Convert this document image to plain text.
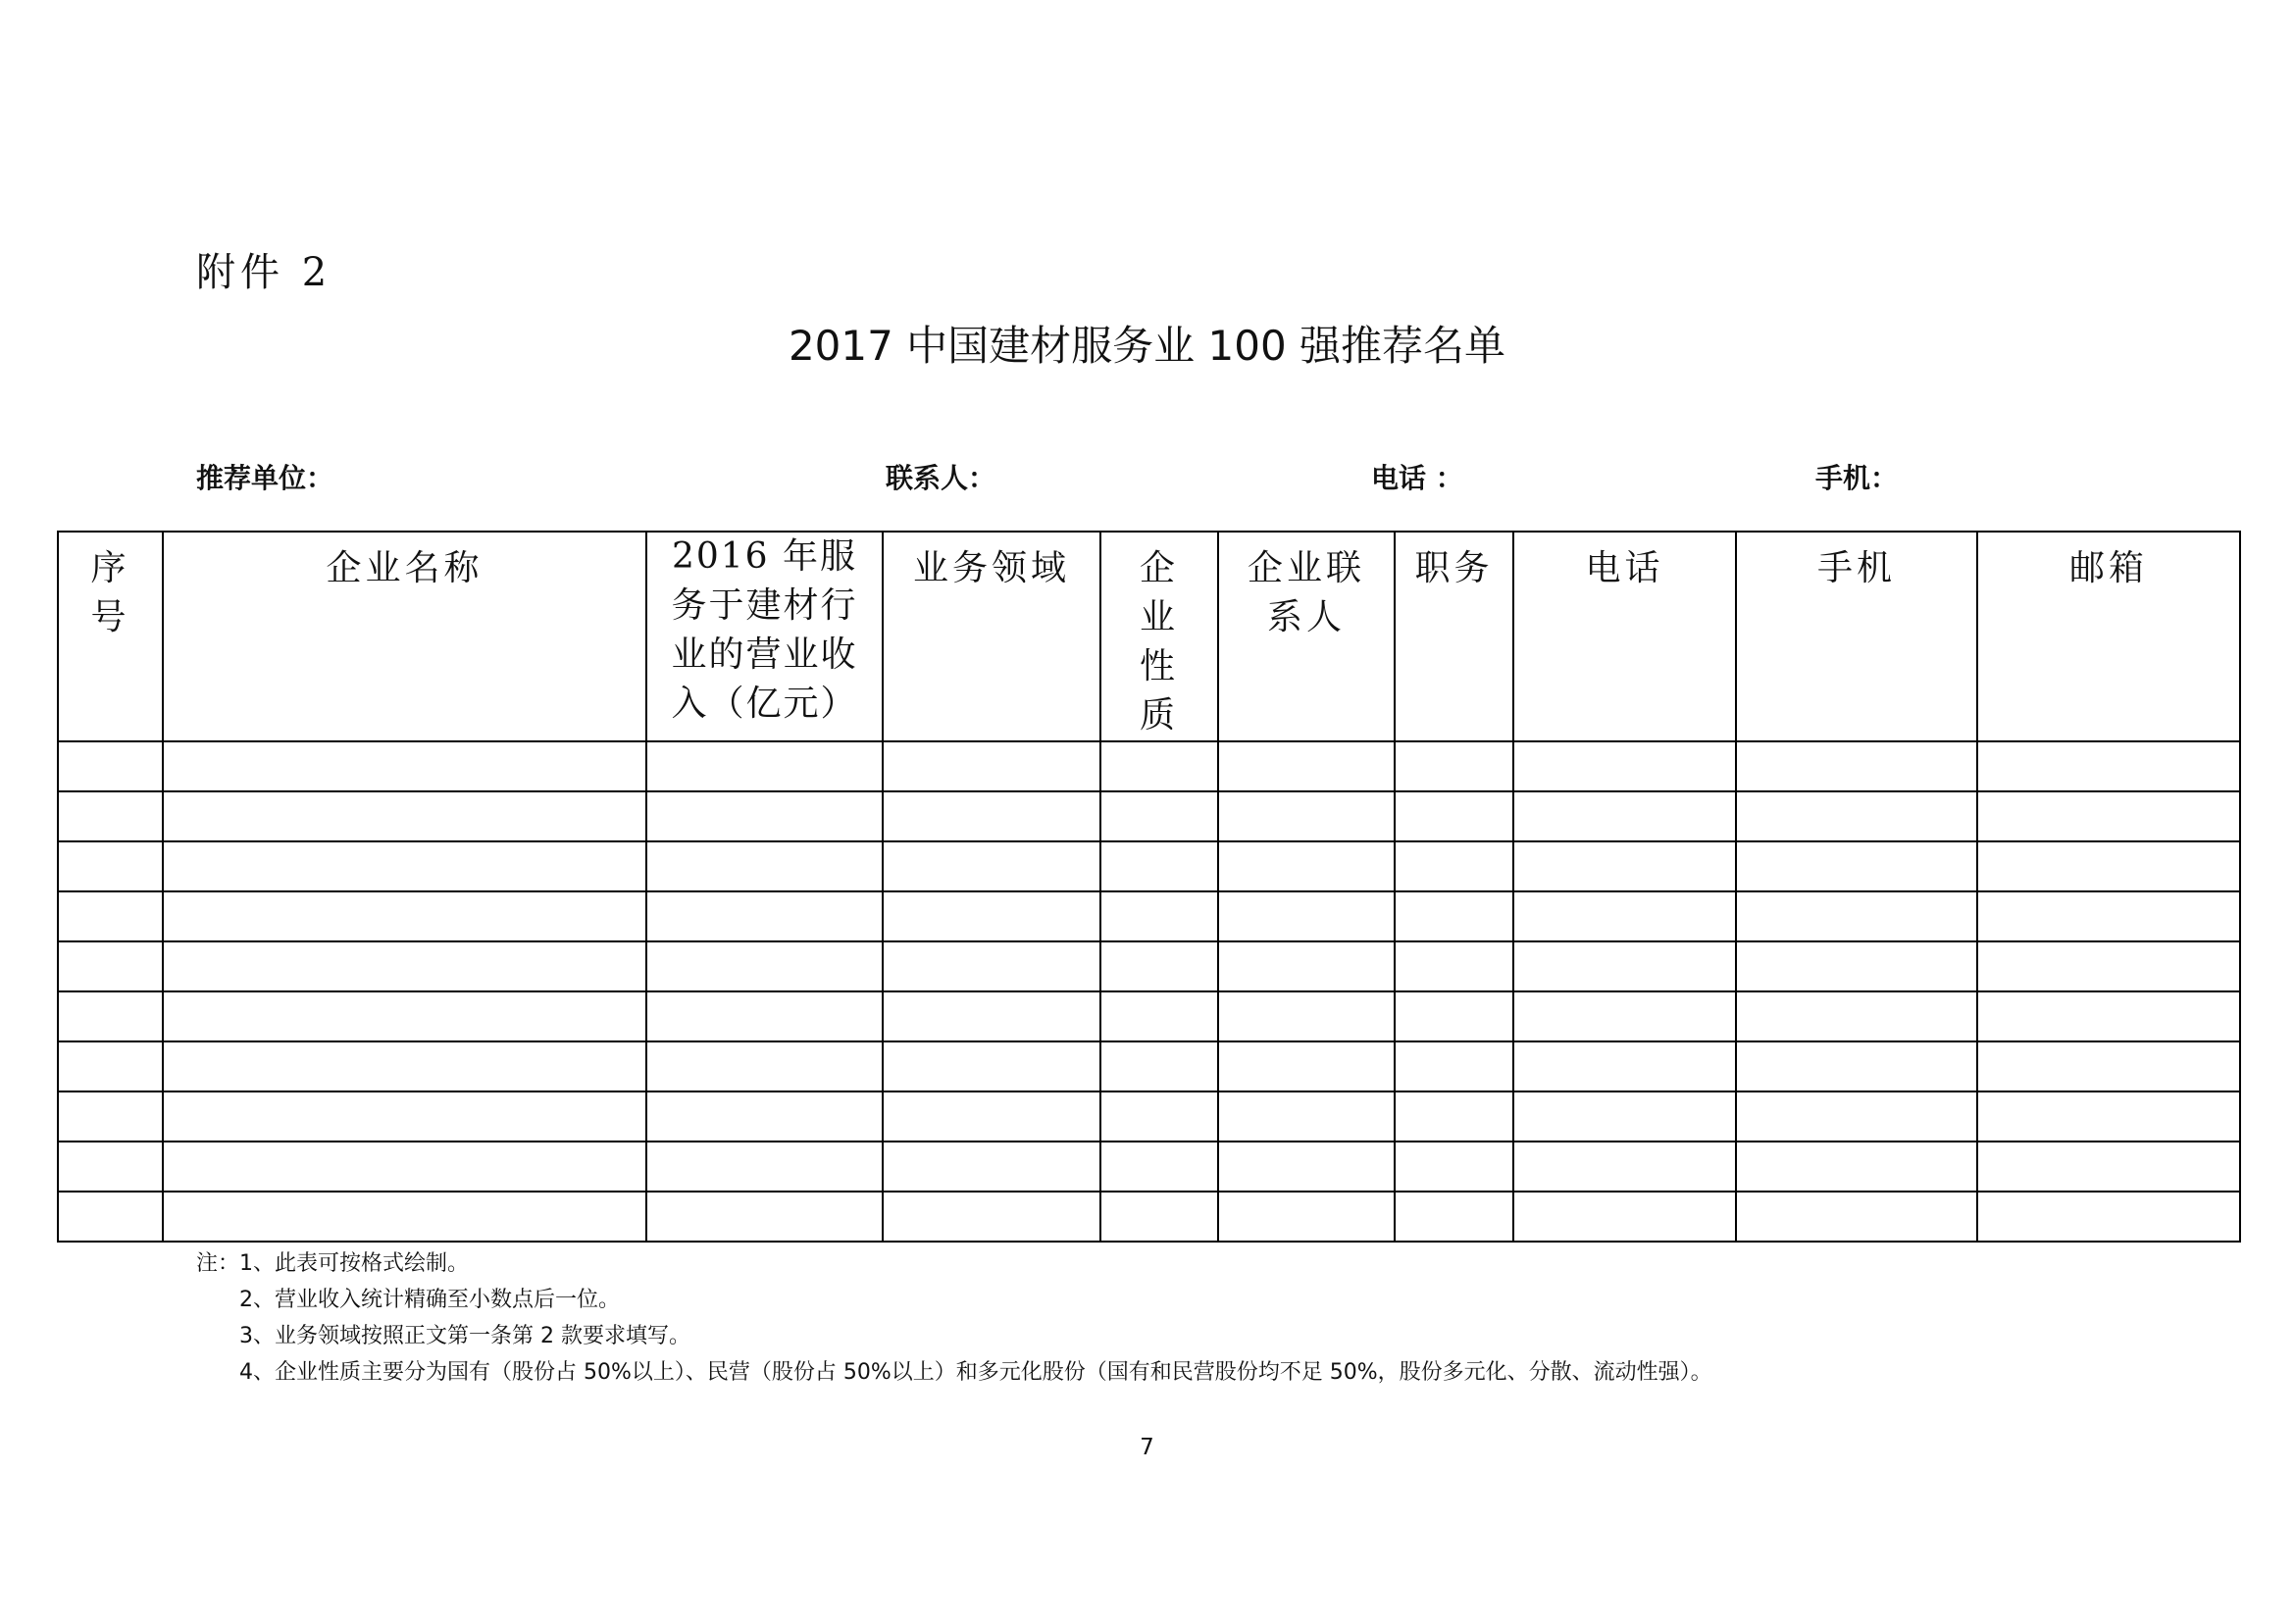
附件 2
2017 中国建材服务业 100 强推荐名单
推荐单位：	联系人：	电话 ：	手机：
序号	企业名称	2016 年服务于建材行业的营业收入（亿元）	业务领域	企业性质	企业联系人	职务	电话	手机	邮箱

注：1、此表可按格式绘制。
　　2、营业收入统计精确至小数点后一位。
　　3、业务领域按照正文第一条第 2 款要求填写。
　　4、企业性质主要分为国有（股份占 50%以上）、民营（股份占 50%以上）和多元化股份（国有和民营股份均不足 50%，股份多元化、分散、流动性强）。
7
